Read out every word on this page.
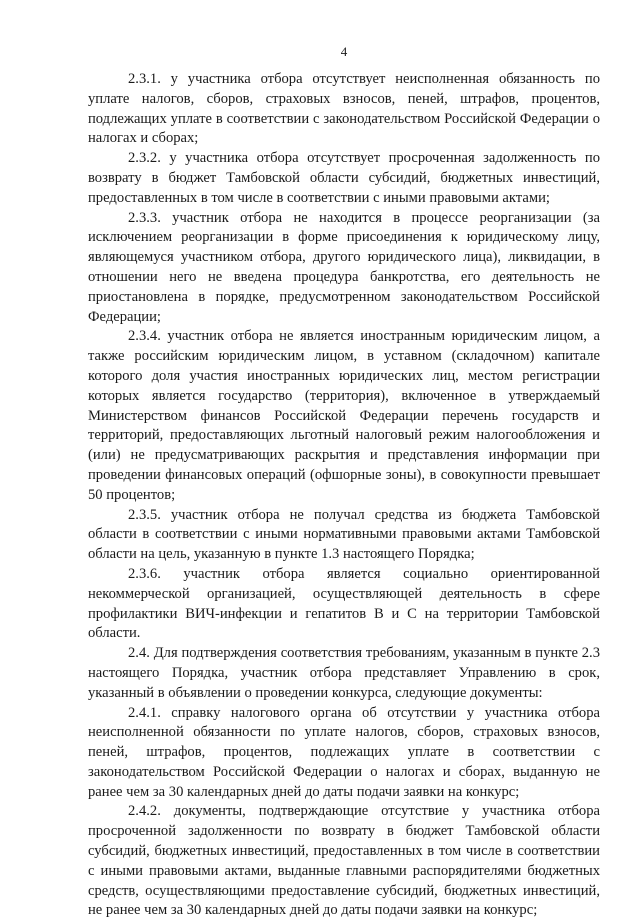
4

2.3.1. у участника отбора отсутствует неисполненная обязанность по уплате налогов, сборов, страховых взносов, пеней, штрафов, процентов, подлежащих уплате в соответствии с законодательством Российской Федерации о налогах и сборах;

2.3.2. у участника отбора отсутствует просроченная задолженность по возврату в бюджет Тамбовской области субсидий, бюджетных инвестиций, предоставленных в том числе в соответствии с иными правовыми актами;

2.3.3. участник отбора не находится в процессе реорганизации (за исключением реорганизации в форме присоединения к юридическому лицу, являющемуся участником отбора, другого юридического лица), ликвидации, в отношении него не введена процедура банкротства, его деятельность не приостановлена в порядке, предусмотренном законодательством Российской Федерации;

2.3.4. участник отбора не является иностранным юридическим лицом, а также российским юридическим лицом, в уставном (складочном) капитале которого доля участия иностранных юридических лиц, местом регистрации которых является государство (территория), включенное в утверждаемый Министерством финансов Российской Федерации перечень государств и территорий, предоставляющих льготный налоговый режим налогообложения и (или) не предусматривающих раскрытия и представления информации при проведении финансовых операций (офшорные зоны), в совокупности превышает 50 процентов;

2.3.5. участник отбора не получал средства из бюджета Тамбовской области в соответствии с иными нормативными правовыми актами Тамбовской области на цель, указанную в пункте 1.3 настоящего Порядка;

2.3.6. участник отбора является социально ориентированной некоммерческой организацией, осуществляющей деятельность в сфере профилактики ВИЧ-инфекции и гепатитов В и С на территории Тамбовской области.

2.4. Для подтверждения соответствия требованиям, указанным в пункте 2.3 настоящего Порядка, участник отбора представляет Управлению в срок, указанный в объявлении о проведении конкурса, следующие документы:

2.4.1. справку налогового органа об отсутствии у участника отбора неисполненной обязанности по уплате налогов, сборов, страховых взносов, пеней, штрафов, процентов, подлежащих уплате в соответствии с законодательством Российской Федерации о налогах и сборах, выданную не ранее чем за 30 календарных дней до даты подачи заявки на конкурс;

2.4.2. документы, подтверждающие отсутствие у участника отбора просроченной задолженности по возврату в бюджет Тамбовской области субсидий, бюджетных инвестиций, предоставленных в том числе в соответствии с иными правовыми актами, выданные главными распорядителями бюджетных средств, осуществляющими предоставление субсидий, бюджетных инвестиций, не ранее чем за 30 календарных дней до даты подачи заявки на конкурс;
